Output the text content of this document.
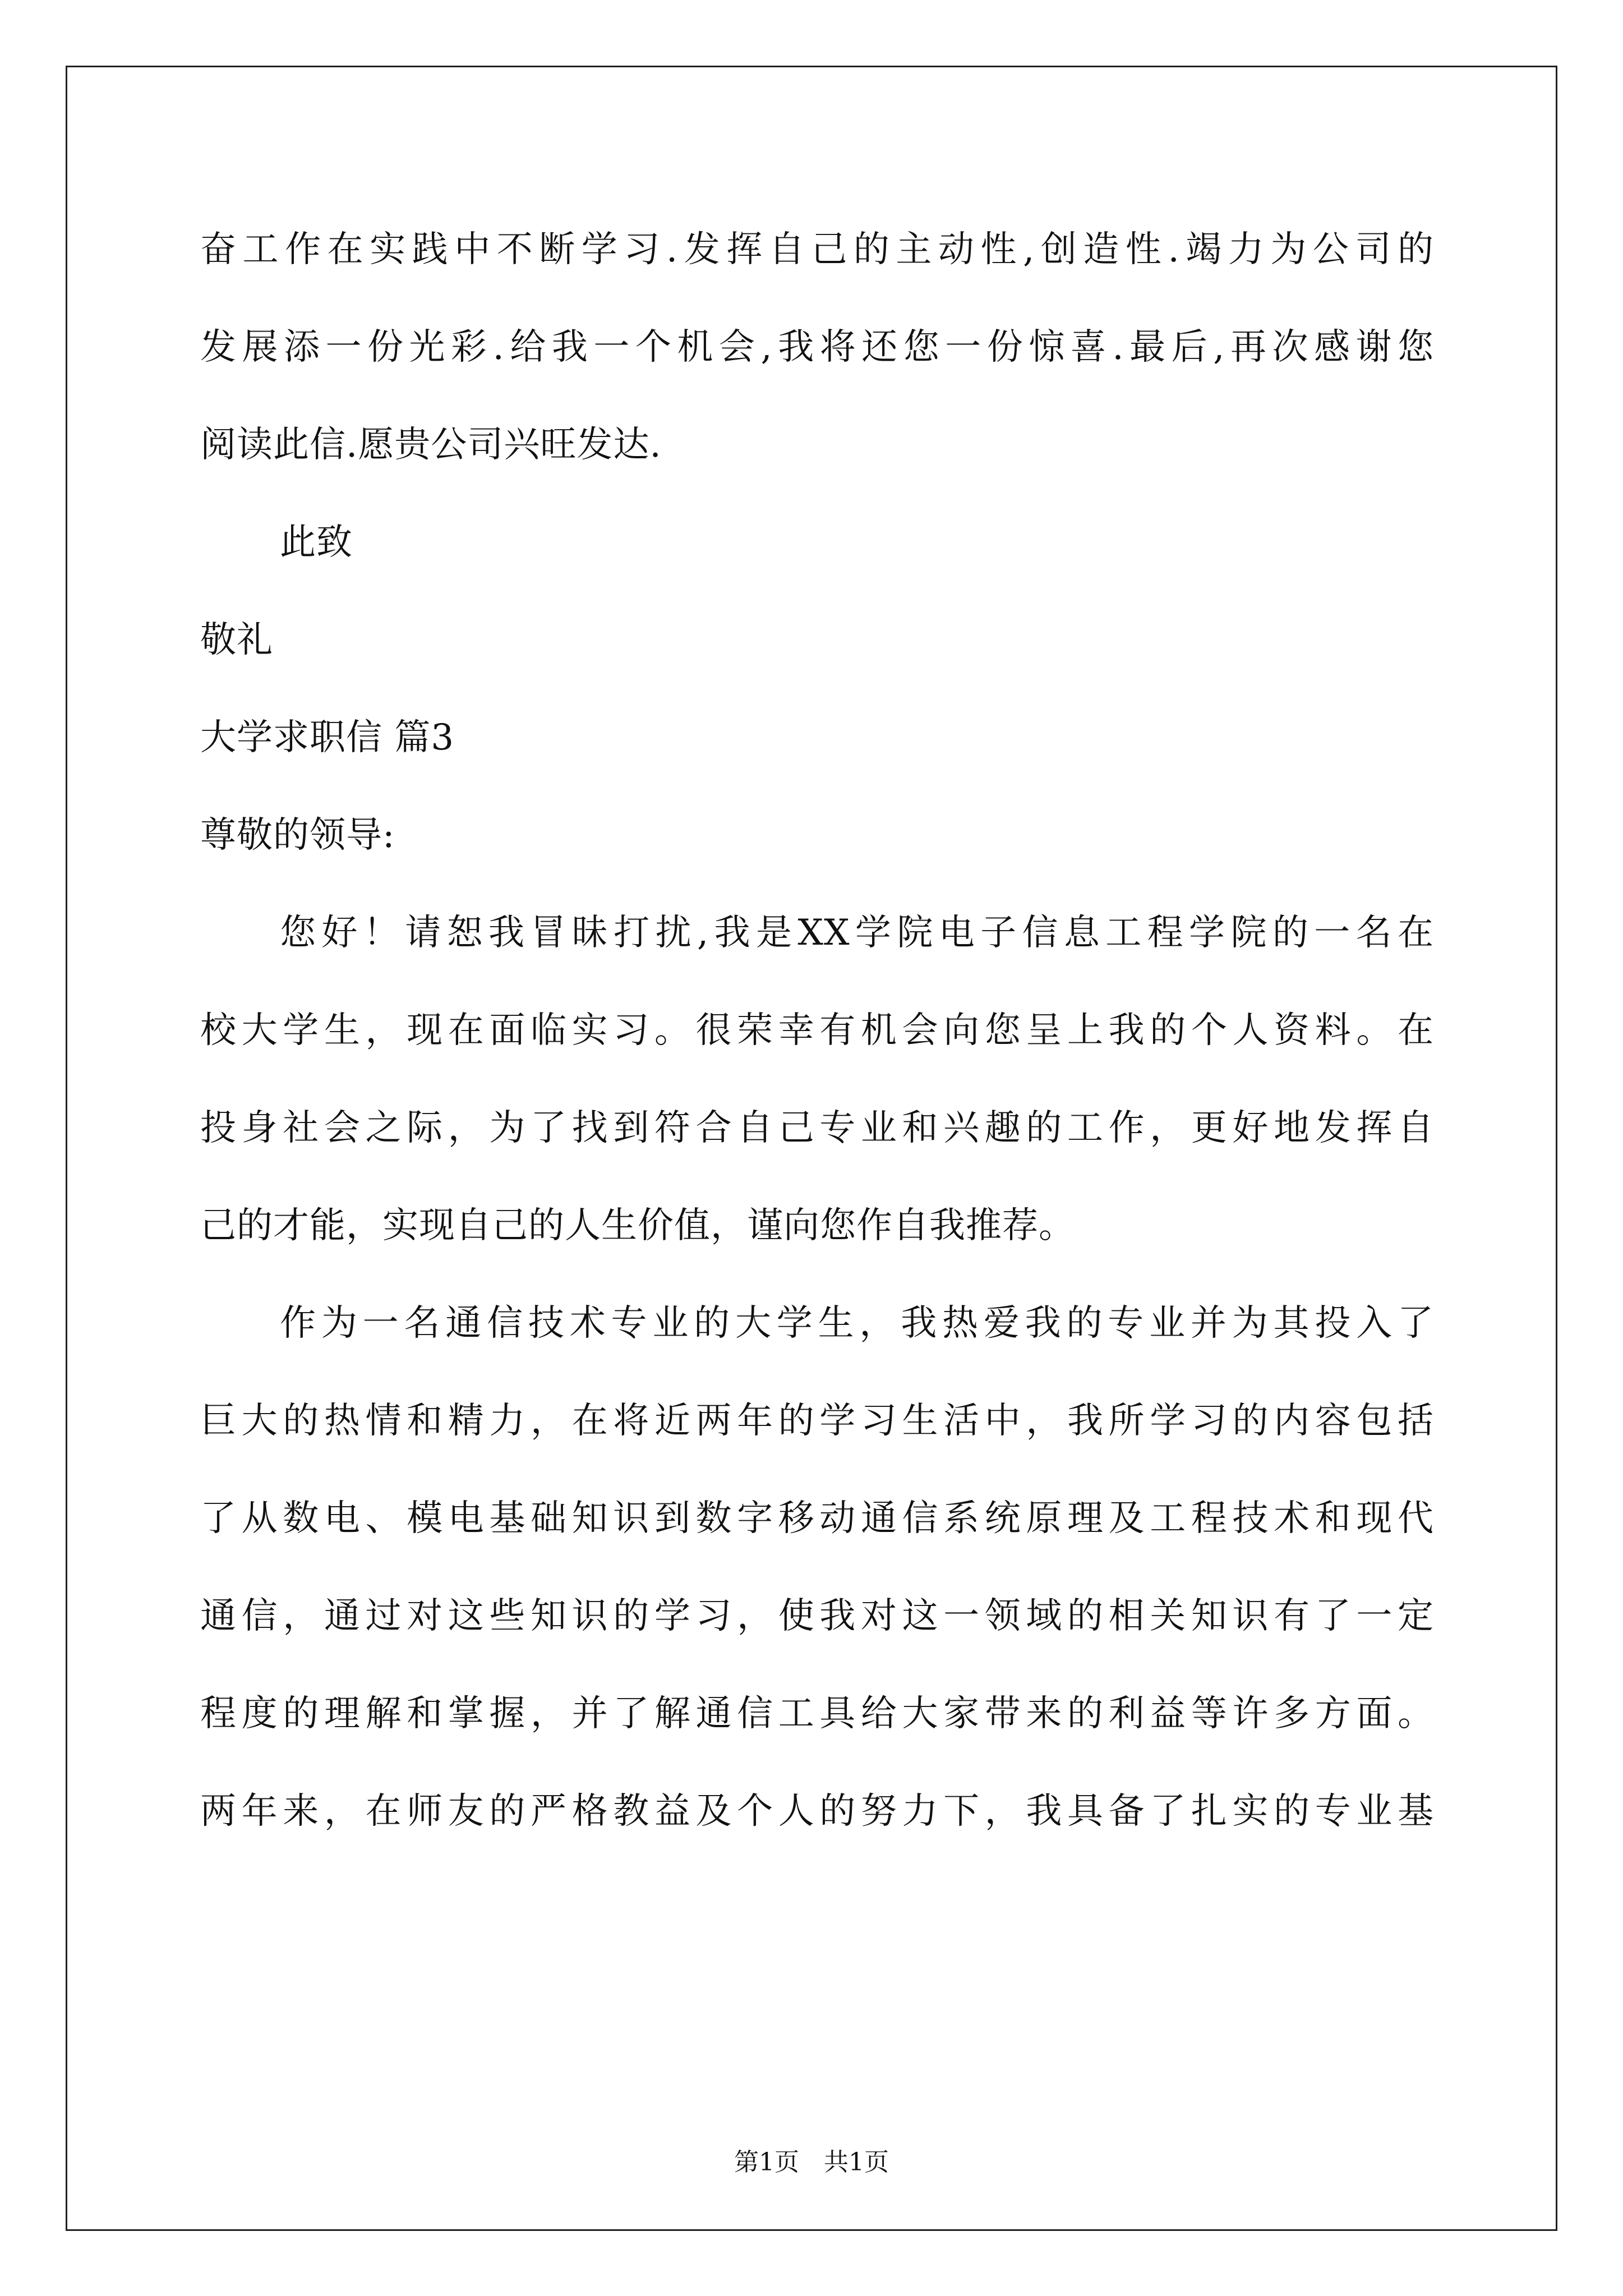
奋工作在实践中不断学习.发挥自己的主动性,创造性.竭力为公司的
发展添一份光彩.给我一个机会,我将还您一份惊喜.最后,再次感谢您
阅读此信.愿贵公司兴旺发达.
此致
敬礼
大学求职信 篇3
尊敬的领导:
您好！请恕我冒昧打扰,我是XX学院电子信息工程学院的一名在
校大学生，现在面临实习。很荣幸有机会向您呈上我的个人资料。在
投身社会之际，为了找到符合自己专业和兴趣的工作，更好地发挥自
己的才能，实现自己的人生价值，谨向您作自我推荐。
作为一名通信技术专业的大学生，我热爱我的专业并为其投入了
巨大的热情和精力，在将近两年的学习生活中，我所学习的内容包括
了从数电、模电基础知识到数字移动通信系统原理及工程技术和现代
通信，通过对这些知识的学习，使我对这一领域的相关知识有了一定
程度的理解和掌握，并了解通信工具给大家带来的利益等许多方面。
两年来，在师友的严格教益及个人的努力下，我具备了扎实的专业基
第1页　共1页
